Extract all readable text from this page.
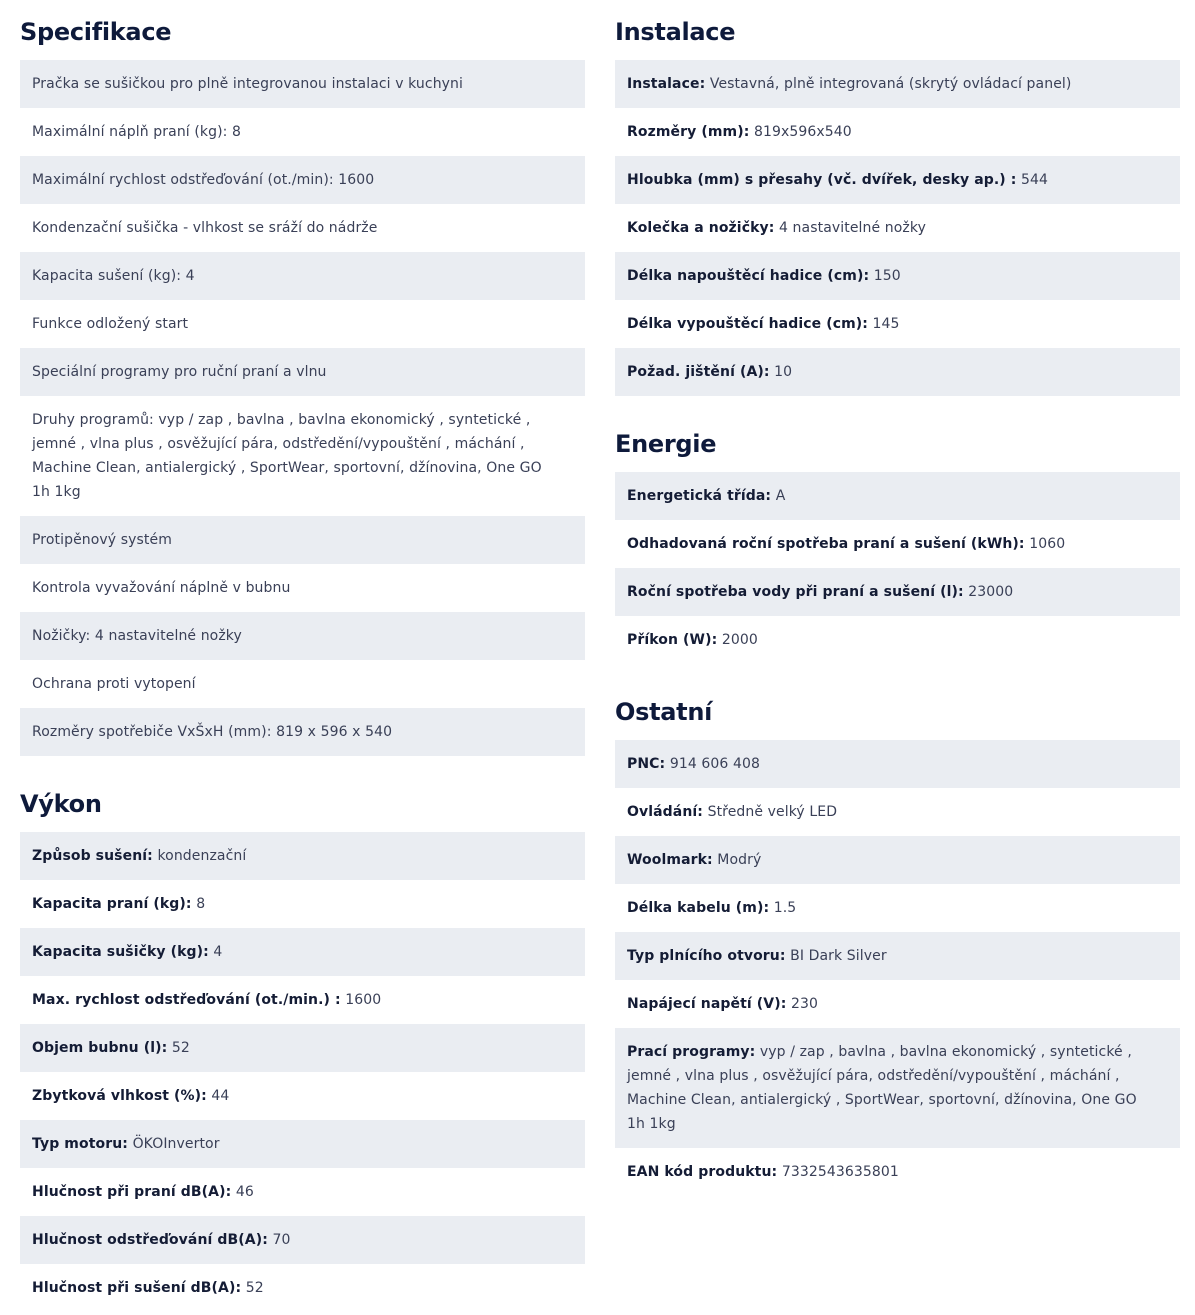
Specifikace
Pračka se sušičkou pro plně integrovanou instalaci v kuchyni
Maximální náplň praní (kg): 8
Maximální rychlost odstřeďování (ot./min): 1600
Kondenzační sušička - vlhkost se sráží do nádrže
Kapacita sušení (kg): 4
Funkce odložený start
Speciální programy pro ruční praní a vlnu
Druhy programů: vyp / zap , bavlna , bavlna ekonomický , syntetické , jemné , vlna plus , osvěžující pára, odstředění/vypouštění , máchání , Machine Clean, antialergický , SportWear, sportovní, džínovina, One GO 1h 1kg
Protipěnový systém
Kontrola vyvažování náplně v bubnu
Nožičky: 4 nastavitelné nožky
Ochrana proti vytopení
Rozměry spotřebiče VxŠxH (mm): 819 x 596 x 540
Výkon
Způsob sušení: kondenzační
Kapacita praní (kg): 8
Kapacita sušičky (kg): 4
Max. rychlost odstřeďování (ot./min.) : 1600
Objem bubnu (l): 52
Zbytková vlhkost (%): 44
Typ motoru: ÖKOInvertor
Hlučnost při praní dB(A): 46
Hlučnost odstřeďování dB(A): 70
Hlučnost při sušení dB(A): 52
Instalace
Instalace: Vestavná, plně integrovaná (skrytý ovládací panel)
Rozměry (mm): 819x596x540
Hloubka (mm) s přesahy (vč. dvířek, desky ap.) : 544
Kolečka a nožičky: 4 nastavitelné nožky
Délka napouštěcí hadice (cm): 150
Délka vypouštěcí hadice (cm): 145
Požad. jištění (A): 10
Energie
Energetická třída: A
Odhadovaná roční spotřeba praní a sušení (kWh): 1060
Roční spotřeba vody při praní a sušení (l): 23000
Příkon (W): 2000
Ostatní
PNC: 914 606 408
Ovládání: Středně velký LED
Woolmark: Modrý
Délka kabelu (m): 1.5
Typ plnícího otvoru: BI Dark Silver
Napájecí napětí (V): 230
Prací programy: vyp / zap , bavlna , bavlna ekonomický , syntetické , jemné , vlna plus , osvěžující pára, odstředění/vypouštění , máchání , Machine Clean, antialergický , SportWear, sportovní, džínovina, One GO 1h 1kg
EAN kód produktu: 7332543635801
